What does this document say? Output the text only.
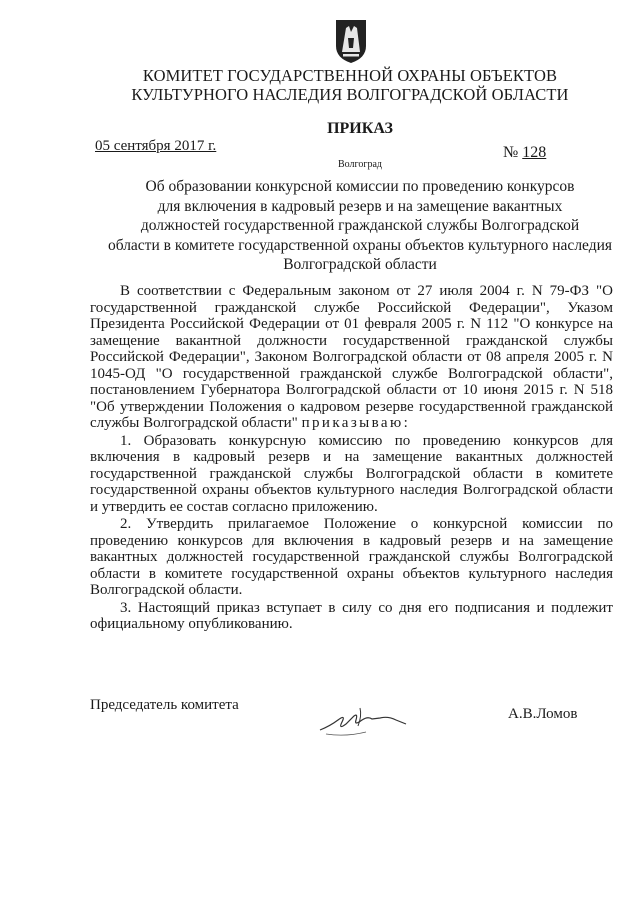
КОМИТЕТ ГОСУДАРСТВЕННОЙ ОХРАНЫ ОБЪЕКТОВ
КУЛЬТУРНОГО НАСЛЕДИЯ ВОЛГОГРАДСКОЙ ОБЛАСТИ
ПРИКАЗ
05 сентября 2017 г.
Волгоград
№ 128
Об образовании конкурсной комиссии по проведению конкурсов
для включения в кадровый резерв и на замещение вакантных
должностей государственной гражданской службы Волгоградской
области в комитете государственной охраны объектов культурного наследия
Волгоградской области

В соответствии с Федеральным законом от 27 июля 2004 г. N 79-ФЗ "О государственной гражданской службе Российской Федерации", Указом Президента Российской Федерации от 01 февраля 2005 г. N 112 "О конкурсе на замещение вакантной должности государственной гражданской службы Российской Федерации", Законом Волгоградской области от 08 апреля 2005 г. N 1045-ОД "О государственной гражданской службе Волгоградской области", постановлением Губернатора Волгоградской области от 10 июня 2015 г. N 518 "Об утверждении Положения о кадровом резерве государственной гражданской службы Волгоградской области" приказываю:

1. Образовать конкурсную комиссию по проведению конкурсов для включения в кадровый резерв и на замещение вакантных должностей государственной гражданской службы Волгоградской области в комитете государственной охраны объектов культурного наследия Волгоградской области и утвердить ее состав согласно приложению.

2. Утвердить прилагаемое Положение о конкурсной комиссии по проведению конкурсов для включения в кадровый резерв и на замещение вакантных должностей государственной гражданской службы Волгоградской области в комитете государственной охраны объектов культурного наследия Волгоградской области.

3. Настоящий приказ вступает в силу со дня его подписания и подлежит официальному опубликованию.

Председатель комитета
А.В.Ломов
